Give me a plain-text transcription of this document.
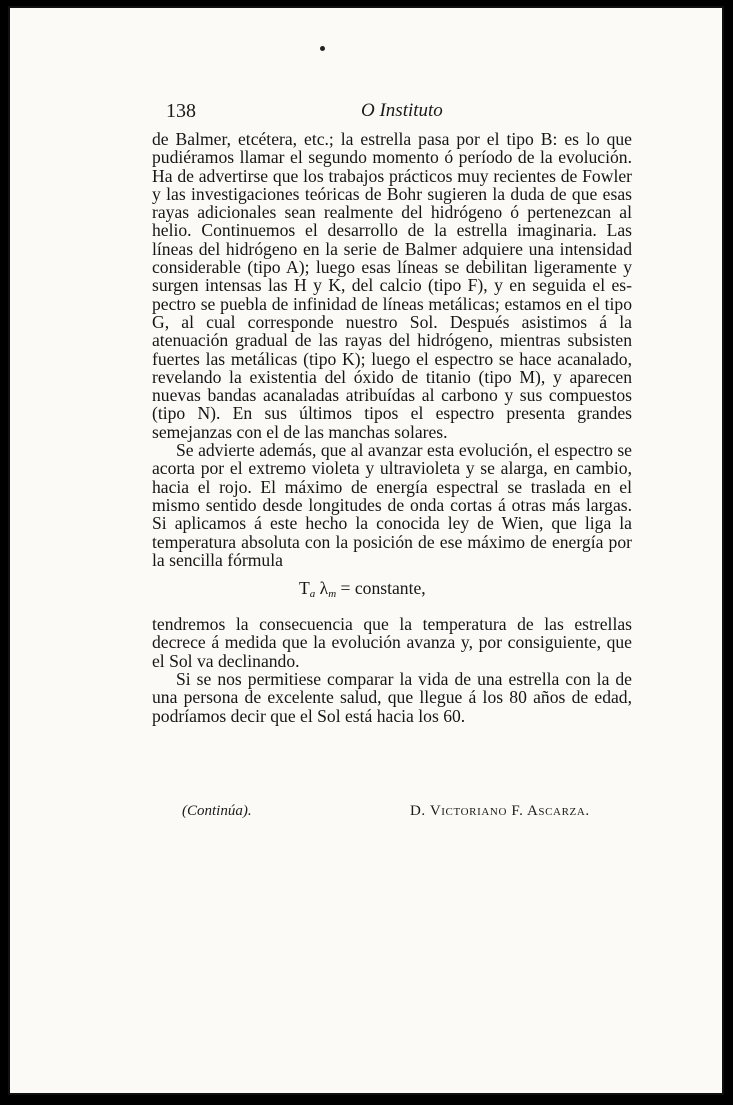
138	O Instituto

de Balmer, etcétera, etc.; la estrella pasa por el tipo B: es lo que pudiéramos llamar el segundo momento ó período de la evolución. Ha de advertirse que los trabajos prácticos muy recientes de Fowler y las investigaciones teóricas de Bohr sugieren la duda de que esas rayas adicionales sean realmente del hidrógeno ó pertenezcan al helio. Continuemos el desarrollo de la estrella imaginaria. Las líneas del hidrógeno en la serie de Balmer adquiere una intensidad considerable (tipo A); luego esas líneas se debilitan ligeramente y surgen intensas las H y K, del calcio (tipo F), y en seguida el espectro se puebla de infinidad de líneas metálicas; estamos en el tipo G, al cual corresponde nuestro Sol. Después asistimos á la atenuación gradual de las rayas del hidrógeno, mientras subsisten fuertes las metálicas (tipo K); luego el espectro se hace acanalado, revelando la existentia del óxido de titanio (tipo M), y aparecen nuevas bandas acanaladas atribuídas al carbono y sus compuestos (tipo N). En sus últimos tipos el espectro presenta grandes semejanzas con el de las manchas solares.

Se advierte además, que al avanzar esta evolución, el espectro se acorta por el extremo violeta y ultravioleta y se alarga, en cambio, hacia el rojo. El máximo de energía espectral se traslada en el mismo sentido desde longitudes de onda cortas á otras más largas. Si aplicamos á este hecho la conocida ley de Wien, que liga la temperatura absoluta con la posición de ese máximo de energía por la sencilla fórmula

$T_a$ $\lambda_m$ = constante,

tendremos la consecuencia que la temperatura de las estrellas decrece á medida que la evolución avanza y, por consiguiente, que el Sol va declinando.

Si se nos permitiese comparar la vida de una estrella con la de una persona de excelente salud, que llegue á los 80 años de edad, podríamos decir que el Sol está hacia los 60.

(Continúa).	D. Victoriano F. Ascarza.
